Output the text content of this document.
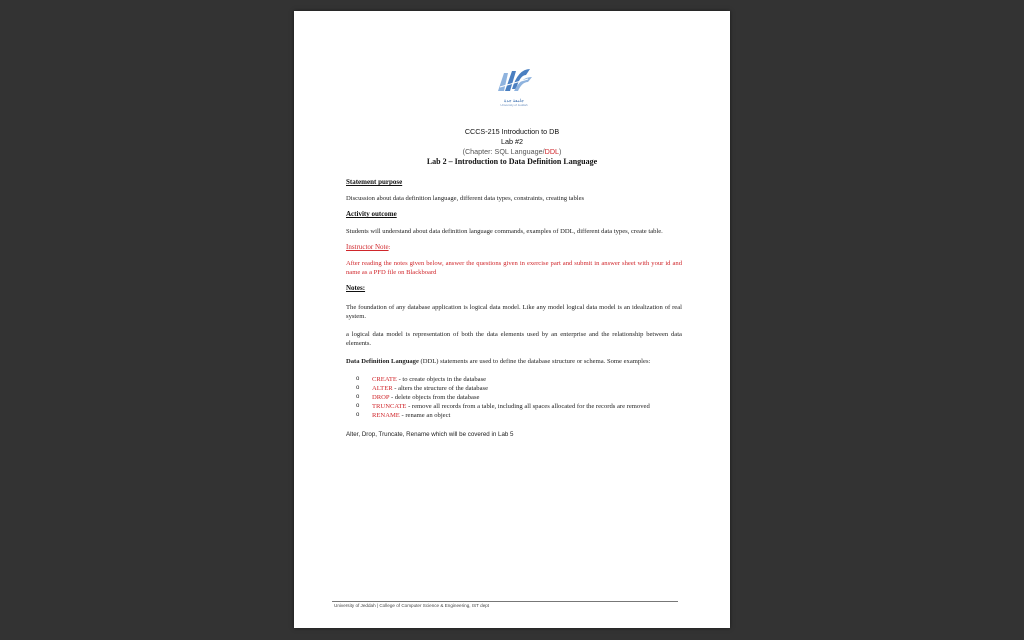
جامعة جدة
University of Jeddah
CCCS-215 Introduction to DB
Lab #2
(Chapter: SQL Language/DDL)
Lab 2 – Introduction to Data Definition Language
Statement purpose

Discussion about data definition language, different data types, constraints, creating tables

Activity outcome

Students will understand about data definition language commands, examples of DDL, different data types, create table.

Instructor Note:

After reading the notes given below, answer the questions given in exercise part and submit in answer sheet with your id and name as a PFD file on Blackboard

Notes:

The foundation of any database application is logical data model. Like any model logical data model is an idealization of real system.

a logical data model is representation of both the data elements used by an enterprise and the relationship between data elements.

Data Definition Language (DDL) statements are used to define the database structure or schema. Some examples:

o CREATE - to create objects in the database
o ALTER - alters the structure of the database
o DROP - delete objects from the database
o TRUNCATE - remove all records from a table, including all spaces allocated for the records are removed
o RENAME - rename an object

Alter, Drop, Truncate, Rename which will be covered in Lab 5

University of Jeddah | College of Computer Science & Engineering, IST dept
